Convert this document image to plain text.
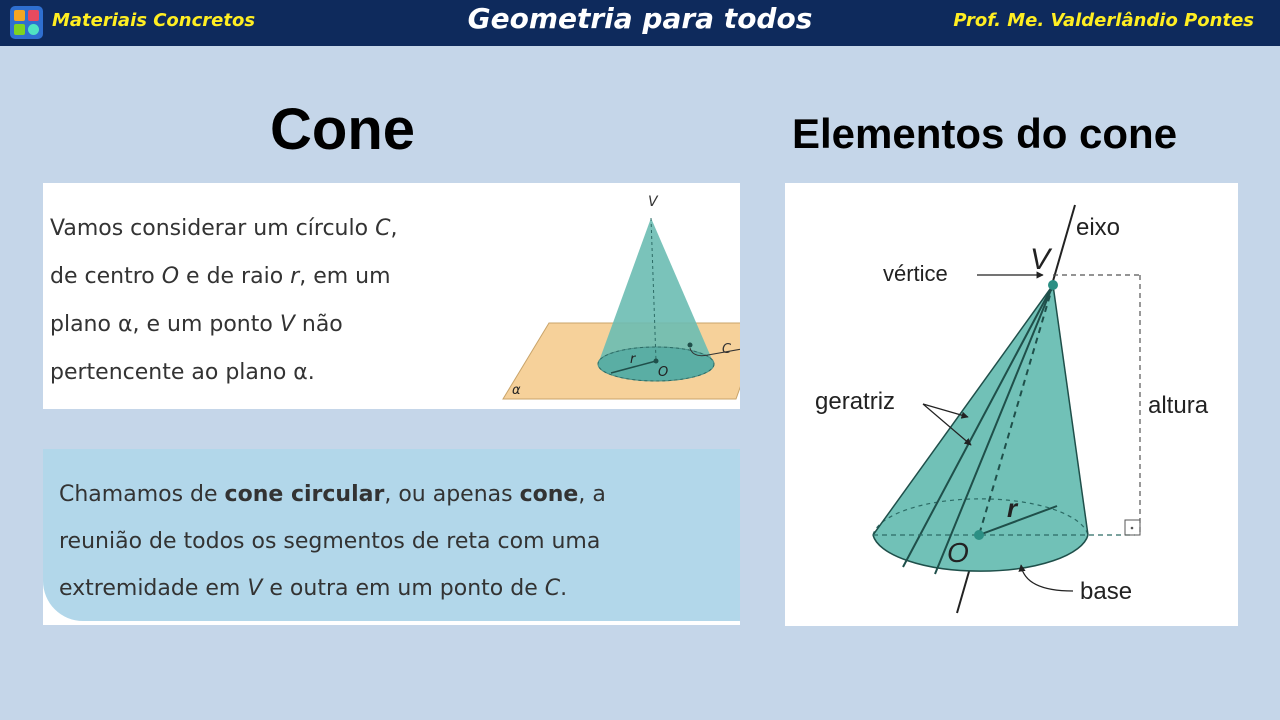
Materiais Concretos	Geometria para todos	Prof. Me. Valderlândio Pontes
Cone	Elementos do cone
Vamos considerar um círculo C,
de centro O e de raio r, em um
plano α, e um ponto V não
pertencente ao plano α.
V
C
r
O
α
Chamamos de cone circular, ou apenas cone, a
reunião de todos os segmentos de reta com uma
extremidade em V e outra em um ponto de C.
eixo
vértice	V
geratriz	altura
r
O
base
